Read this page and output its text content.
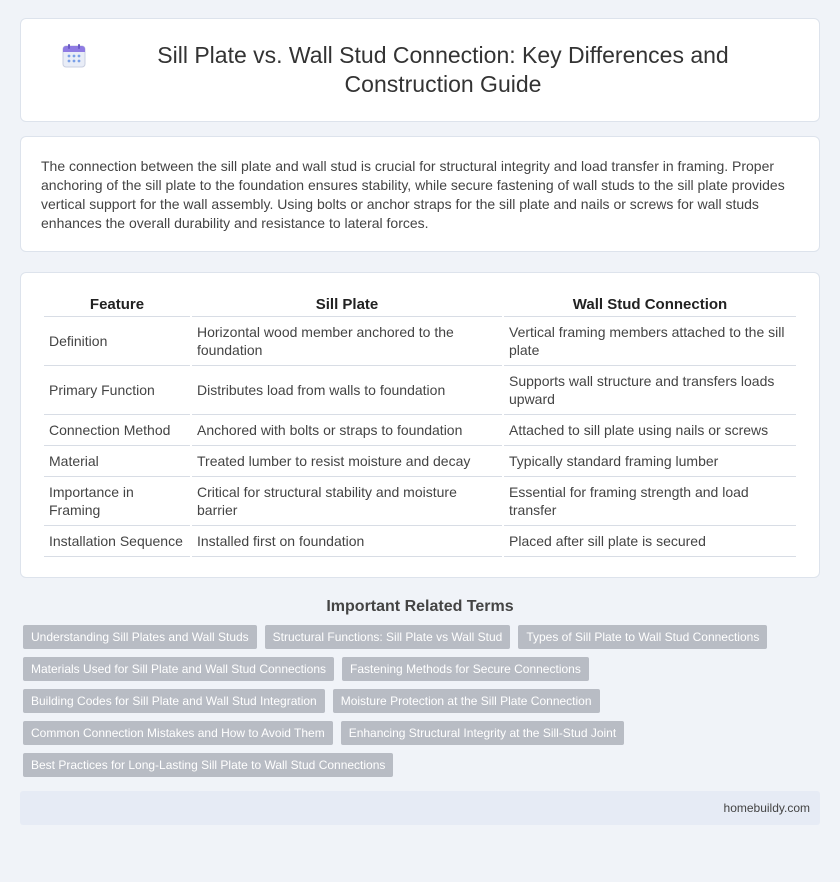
Sill Plate vs. Wall Stud Connection: Key Differences and Construction Guide

The connection between the sill plate and wall stud is crucial for structural integrity and load transfer in framing. Proper anchoring of the sill plate to the foundation ensures stability, while secure fastening of wall studs to the sill plate provides vertical support for the wall assembly. Using bolts or anchor straps for the sill plate and nails or screws for wall studs enhances the overall durability and resistance to lateral forces.

Feature	Sill Plate	Wall Stud Connection
Definition	Horizontal wood member anchored to the foundation	Vertical framing members attached to the sill plate
Primary Function	Distributes load from walls to foundation	Supports wall structure and transfers loads upward
Connection Method	Anchored with bolts or straps to foundation	Attached to sill plate using nails or screws
Material	Treated lumber to resist moisture and decay	Typically standard framing lumber
Importance in Framing	Critical for structural stability and moisture barrier	Essential for framing strength and load transfer
Installation Sequence	Installed first on foundation	Placed after sill plate is secured
Important Related Terms
Understanding Sill Plates and Wall Studs	Structural Functions: Sill Plate vs Wall Stud	Types of Sill Plate to Wall Stud Connections
Materials Used for Sill Plate and Wall Stud Connections	Fastening Methods for Secure Connections
Building Codes for Sill Plate and Wall Stud Integration	Moisture Protection at the Sill Plate Connection
Common Connection Mistakes and How to Avoid Them	Enhancing Structural Integrity at the Sill-Stud Joint
Best Practices for Long-Lasting Sill Plate to Wall Stud Connections
homebuildy.com
